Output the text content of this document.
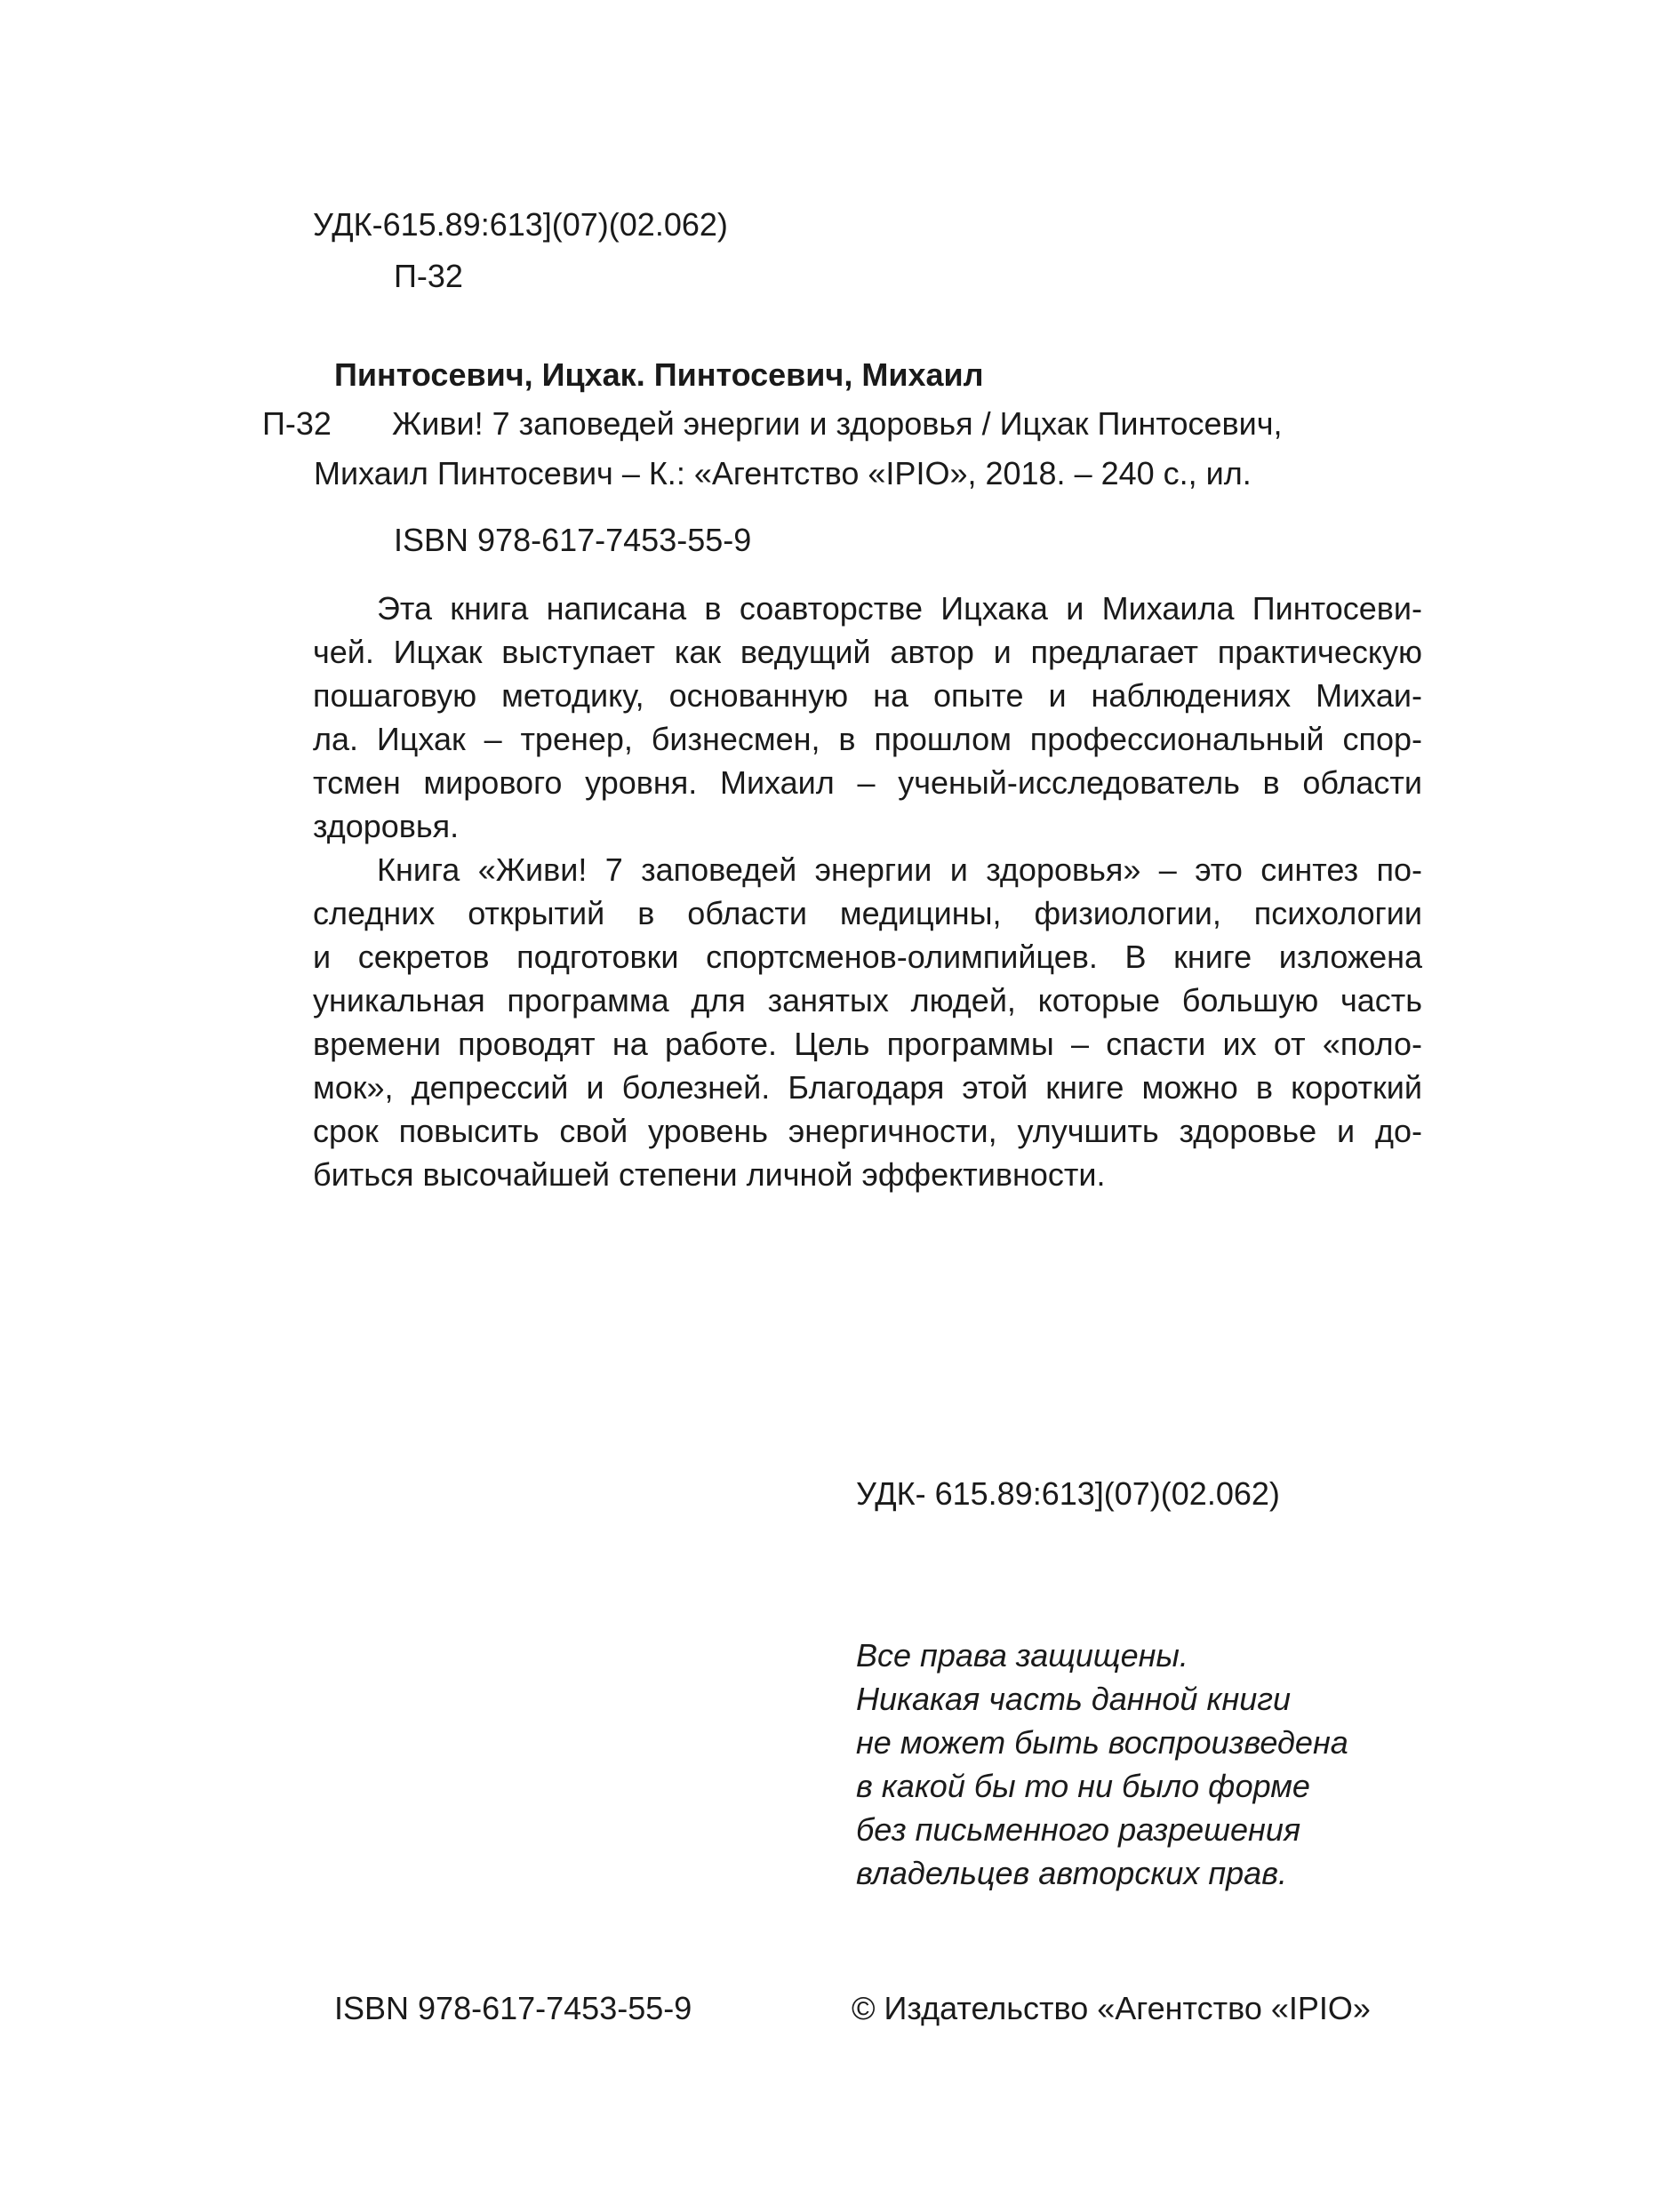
УДК-615.89:613](07)(02.062)
П-32
Пинтосевич, Ицхак. Пинтосевич, Михаил
П-32 Живи! 7 заповедей энергии и здоровья / Ицхак Пинтосевич,
Михаил Пинтосевич – К.: «Агентство «IPIO», 2018. – 240 с., ил.
ISBN 978-617-7453-55-9
Эта книга написана в соавторстве Ицхака и Михаила Пинтосеви-
чей. Ицхак выступает как ведущий автор и предлагает практическую
пошаговую методику, основанную на опыте и наблюдениях Михаи-
ла. Ицхак – тренер, бизнесмен, в прошлом профессиональный спор-
тсмен мирового уровня. Михаил – ученый-исследователь в области
здоровья.
Книга «Живи! 7 заповедей энергии и здоровья» – это синтез по-
следних открытий в области медицины, физиологии, психологии
и секретов подготовки спортсменов-олимпийцев. В книге изложена
уникальная программа для занятых людей, которые большую часть
времени проводят на работе. Цель программы – спасти их от «поло-
мок», депрессий и болезней. Благодаря этой книге можно в короткий
срок повысить свой уровень энергичности, улучшить здоровье и до-
биться высочайшей степени личной эффективности.
УДК- 615.89:613](07)(02.062)
Все права защищены.
Никакая часть данной книги
не может быть воспроизведена
в какой бы то ни было форме
без письменного разрешения
владельцев авторских прав.
ISBN 978-617-7453-55-9	© Издательство «Агентство «IPIO»
